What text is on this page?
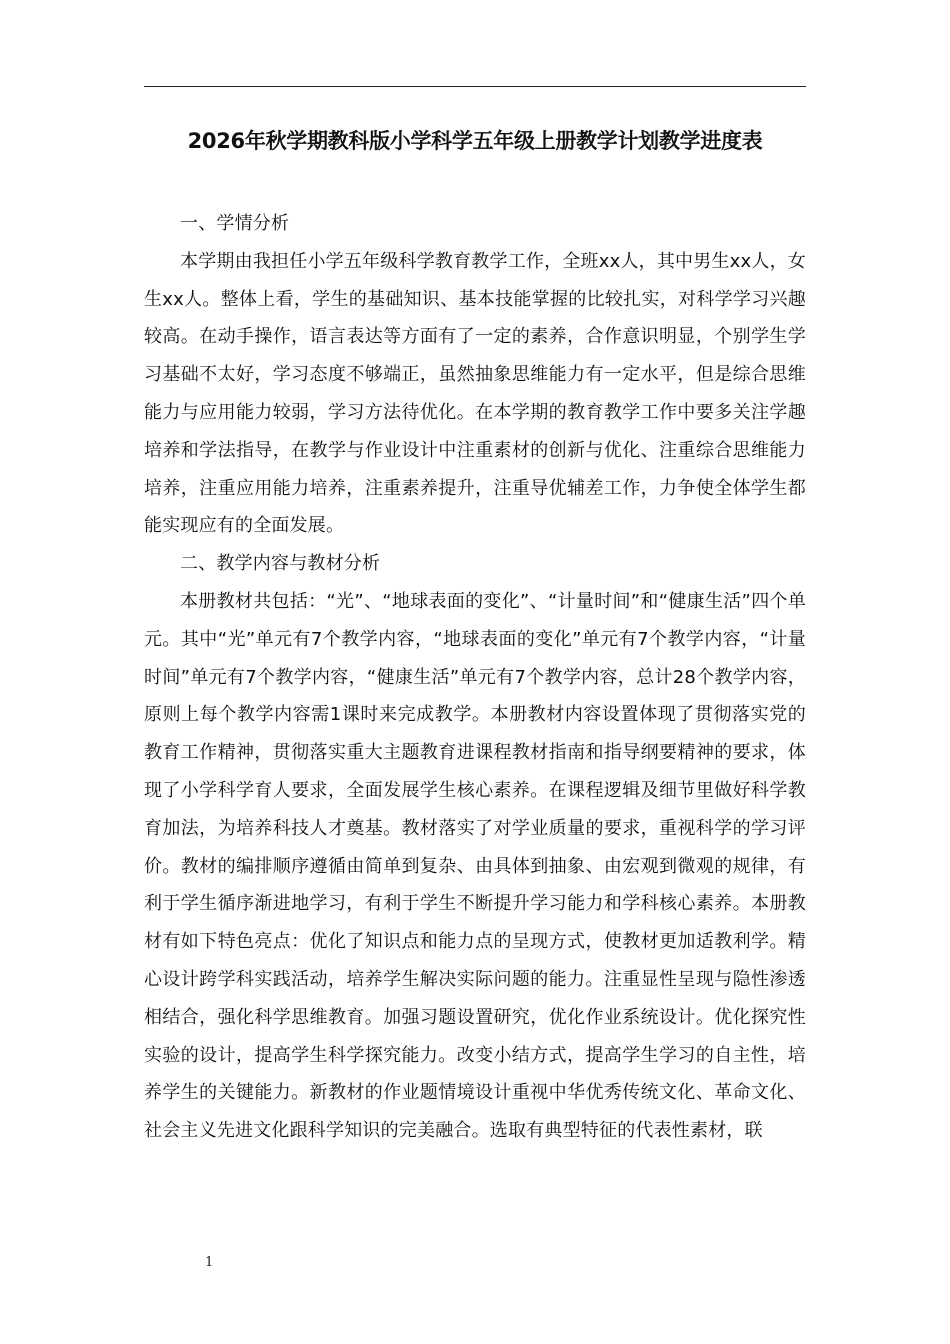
2026年秋学期教科版小学科学五年级上册教学计划教学进度表

一、学情分析

本学期由我担任小学五年级科学教育教学工作，全班xx人，其中男生xx人，女生xx人。整体上看，学生的基础知识、基本技能掌握的比较扎实，对科学学习兴趣较高。在动手操作，语言表达等方面有了一定的素养，合作意识明显，个别学生学习基础不太好，学习态度不够端正，虽然抽象思维能力有一定水平，但是综合思维能力与应用能力较弱，学习方法待优化。在本学期的教育教学工作中要多关注学趣培养和学法指导，在教学与作业设计中注重素材的创新与优化、注重综合思维能力培养，注重应用能力培养，注重素养提升，注重导优辅差工作，力争使全体学生都能实现应有的全面发展。

二、教学内容与教材分析

本册教材共包括：“光”、“地球表面的变化”、“计量时间”和“健康生活”四个单元。其中“光”单元有7个教学内容，“地球表面的变化”单元有7个教学内容，“计量时间”单元有7个教学内容，“健康生活”单元有7个教学内容，总计28个教学内容，原则上每个教学内容需1课时来完成教学。本册教材内容设置体现了贯彻落实党的教育工作精神，贯彻落实重大主题教育进课程教材指南和指导纲要精神的要求，体现了小学科学育人要求，全面发展学生核心素养。在课程逻辑及细节里做好科学教育加法，为培养科技人才奠基。教材落实了对学业质量的要求，重视科学的学习评价。教材的编排顺序遵循由简单到复杂、由具体到抽象、由宏观到微观的规律，有利于学生循序渐进地学习，有利于学生不断提升学习能力和学科核心素养。本册教材有如下特色亮点：优化了知识点和能力点的呈现方式，使教材更加适教利学。精心设计跨学科实践活动，培养学生解决实际问题的能力。注重显性呈现与隐性渗透相结合，强化科学思维教育。加强习题设置研究，优化作业系统设计。优化探究性实验的设计，提高学生科学探究能力。改变小结方式，提高学生学习的自主性，培养学生的关键能力。新教材的作业题情境设计重视中华优秀传统文化、革命文化、社会主义先进文化跟科学知识的完美融合。选取有典型特征的代表性素材，联

1
